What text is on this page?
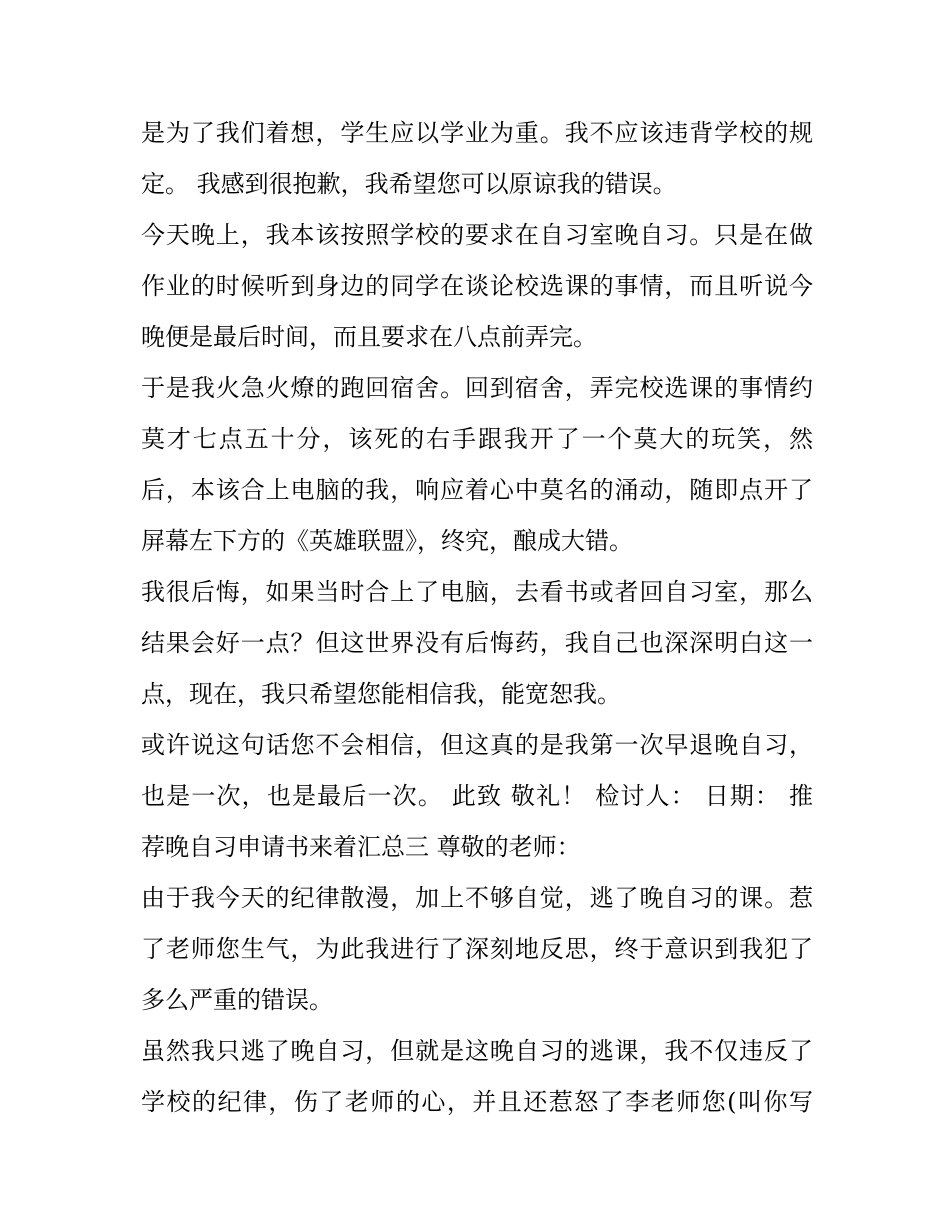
是为了我们着想，学生应以学业为重。我不应该违背学校的规
定。 我感到很抱歉，我希望您可以原谅我的错误。
今天晚上，我本该按照学校的要求在自习室晚自习。只是在做
作业的时候听到身边的同学在谈论校选课的事情，而且听说今
晚便是最后时间，而且要求在八点前弄完。
于是我火急火燎的跑回宿舍。回到宿舍，弄完校选课的事情约
莫才七点五十分，该死的右手跟我开了一个莫大的玩笑，然
后，本该合上电脑的我，响应着心中莫名的涌动，随即点开了
屏幕左下方的《英雄联盟》，终究，酿成大错。
我很后悔，如果当时合上了电脑，去看书或者回自习室，那么
结果会好一点？但这世界没有后悔药，我自己也深深明白这一
点，现在，我只希望您能相信我，能宽恕我。
或许说这句话您不会相信，但这真的是我第一次早退晚自习，
也是一次，也是最后一次。 此致 敬礼！ 检讨人： 日期： 推
荐晚自习申请书来着汇总三 尊敬的老师：
由于我今天的纪律散漫，加上不够自觉，逃了晚自习的课。惹
了老师您生气，为此我进行了深刻地反思，终于意识到我犯了
多么严重的错误。
虽然我只逃了晚自习，但就是这晚自习的逃课，我不仅违反了
学校的纪律，伤了老师的心，并且还惹怒了李老师您(叫你写
